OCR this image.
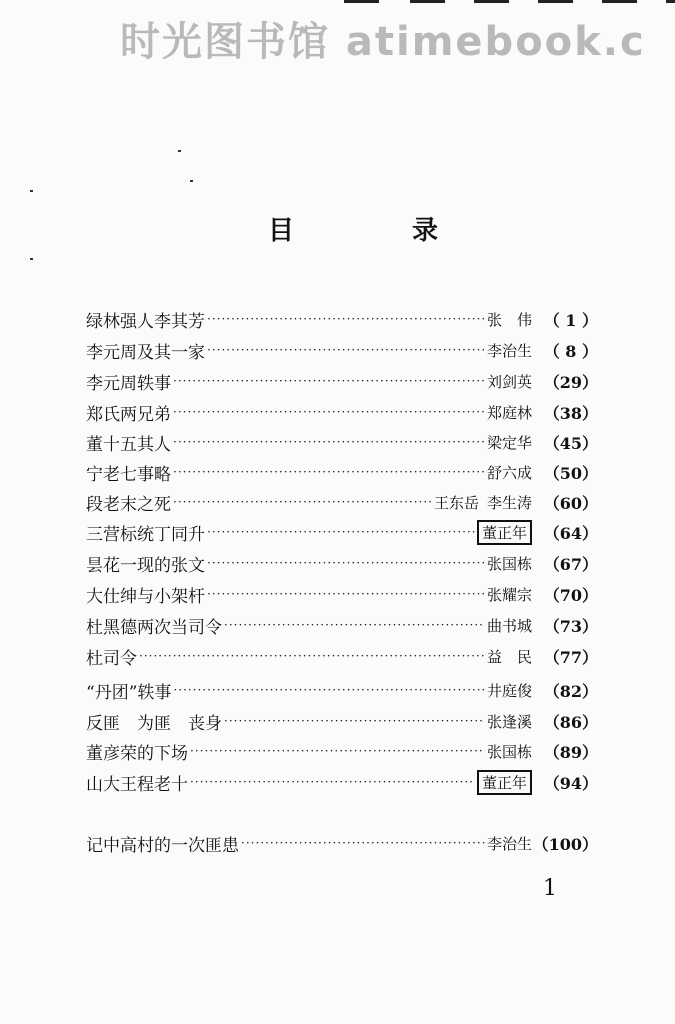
时光图书馆 atimebook.c
目	录
绿林强人李其芳 ·····	张　伟 （ 1 ）
李元周及其一家 ·····	李治生 （ 8 ）
李元周轶事 ·····	刘剑英 （29）
郑氏两兄弟 ·····	郑庭林 （38）
董十五其人 ·····	梁定华 （45）
宁老七事略 ·····	舒六成 （50）
段老末之死 ·····	王东岳 李生涛 （60）
三营标统丁同升 ·····	董正年	（64）
昙花一现的张文 ·····	张国栋 （67）
大仕绅与小架杆 ·····	张耀宗 （70）
杜黑德两次当司令 ·····	曲书城 （73）
杜司令 ·····	益　民 （77）
“丹团”轶事 ·····	井庭俊 （82）
反匪　为匪　丧身 ·····	张逢溪 （86）
董彦荣的下场 ·····	张国栋 （89）
山大王程老十 ·····	董正年	（94）
记中高村的一次匪患 ·····	李治生 （100）
1
